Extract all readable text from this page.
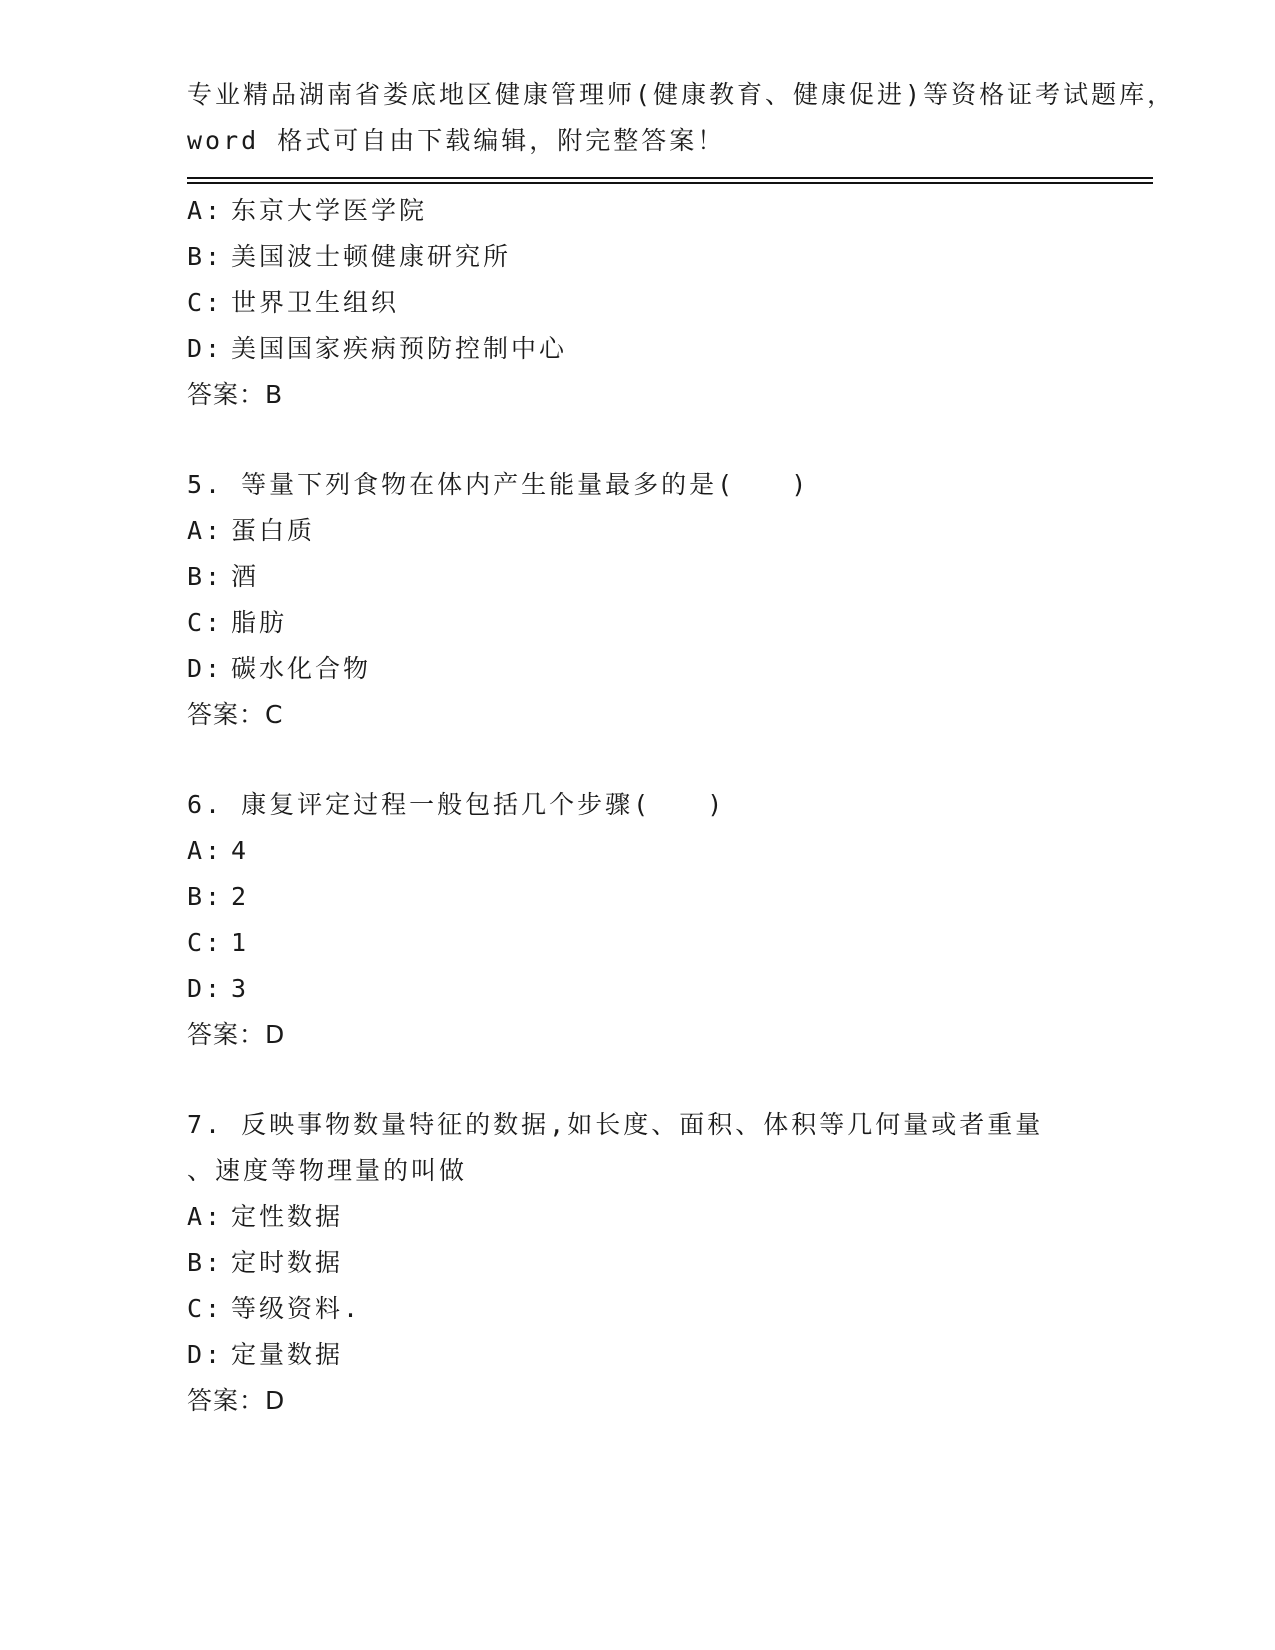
专业精品湖南省娄底地区健康管理师(健康教育、健康促进)等资格证考试题库，
word 格式可自由下载编辑，附完整答案！
A: 东京大学医学院
B: 美国波士顿健康研究所
C: 世界卫生组织
D: 美国国家疾病预防控制中心
答案：B
5. 等量下列食物在体内产生能量最多的是(　　)
A: 蛋白质
B: 酒
C: 脂肪
D: 碳水化合物
答案：C
6. 康复评定过程一般包括几个步骤(　　)
A: 4
B: 2
C: 1
D: 3
答案：D
7. 反映事物数量特征的数据,如长度、面积、体积等几何量或者重量
、速度等物理量的叫做
A: 定性数据
B: 定时数据
C: 等级资料.
D: 定量数据
答案：D
